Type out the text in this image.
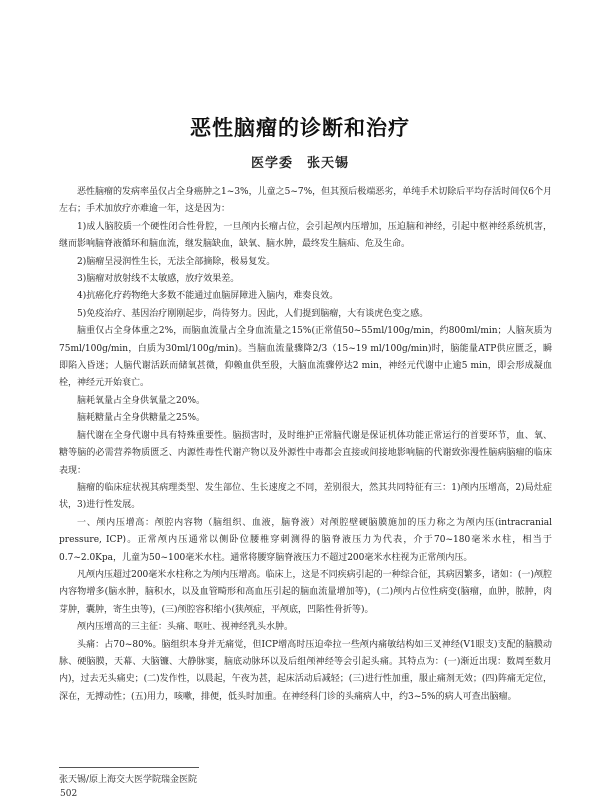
恶性脑瘤的诊断和治疗
医学委　张天锡

恶性脑瘤的发病率虽仅占全身癌肿之1~3%，儿童之5~7%，但其预后极端恶劣，单纯手术切除后平均存活时间仅6个月左右；手术加放疗亦难逾一年，这是因为：

1)成人脑胶质一个硬性闭合性骨腔，一旦颅内长瘤占位，会引起颅内压增加，压迫脑和神经，引起中枢神经系统机害，继而影响脑脊液循环和脑血流，继发脑缺血，缺氧、脑水肿，最终发生脑疝、危及生命。

2)脑瘤呈浸润性生长，无法全部摘除，极易复发。

3)脑瘤对放射线不太敏感，放疗效果差。

4)抗癌化疗药物绝大多数不能通过血脑屏障进入脑内，难奏良效。

5)免疫治疗、基因治疗刚刚起步，尚待努力。因此，人们提到脑瘤，大有谈虎色变之感。

脑重仅占全身体重之2%，而脑血流量占全身血流量之15%(正常值50~55ml/100g/min，约800ml/min；人脑灰质为75ml/100g/min，白质为30ml/100g/min)。当脑血流量骤降2/3（15~19 ml/100g/min)时，脑能量ATP供应匮乏，瞬即陷入昏迷；人脑代谢活跃而储氧甚微，仰赖血供至殷，大脑血流骤停达2 min，神经元代谢中止逾5 min，即会形成凝血栓，神经元开始衰亡。

脑耗氧量占全身供氧量之20%。

脑耗糖量占全身供糖量之25%。

脑代谢在全身代谢中具有特殊重要性。脑损害时，及时维护正常脑代谢是保证机体功能正常运行的首要环节，血、氧、糖等脑的必需营养物质匮乏、内源性毒性代谢产物以及外源性中毒都会直接或间接地影响脑的代谢致弥漫性脑病脑瘤的临床表现：

脑瘤的临床症状视其病理类型、发生部位、生长速度之不同，差别很大，然其共同特征有三：1)颅内压增高，2)局灶症状，3)进行性发展。

一、颅内压增高：颅腔内容物（脑组织、血液，脑脊液）对颅腔壁硬脑膜施加的压力称之为颅内压(intracranial pressure, ICP)。正常颅内压通常以侧卧位腰椎穿刺测得的脑脊液压力为代表，介于70~180毫米水柱，相当于0.7~2.0Kpa，儿童为50~100毫米水柱。通常将腰穿脑脊液压力不超过200毫米水柱视为正常颅内压。

凡颅内压超过200毫米水柱称之为颅内压增高。临床上，这是不同疾病引起的一种综合征，其病因繁多，诸如：(一)颅腔内容物增多(脑水肿，脑积水，以及血管畸形和高血压引起的脑血流量增加等)，(二)颅内占位性病变(脑瘤，血肿，脓肿，肉芽肿，囊肿，寄生虫等)，(三)颅腔容积缩小(狭颅症，平颅底，凹陷性骨折等)。

颅内压增高的三主征：头痛、呕吐、视神经乳头水肿。

头痛：占70~80%。脑组织本身并无痛觉，但ICP增高时压迫牵拉一些颅内痛敏结构如三叉神经(V1眼支)支配的脑膜动脉、硬脑膜，天幕、大脑镰、大静脉窦，脑底动脉环以及后组颅神经等会引起头痛。其特点为：(一)渐近出现：数周至数月内)，过去无头痛史；(二)发作性，以晨起，午夜为甚，起床活动后减轻；(三)进行性加重，服止痛剂无效；(四)阵痛无定位，深在，无搏动性；(五)用力，咳嗽，排便，低头时加重。在神经科门诊的头痛病人中，约3~5%的病人可查出脑瘤。

张天锡/原上海交大医学院瑞金医院
502
